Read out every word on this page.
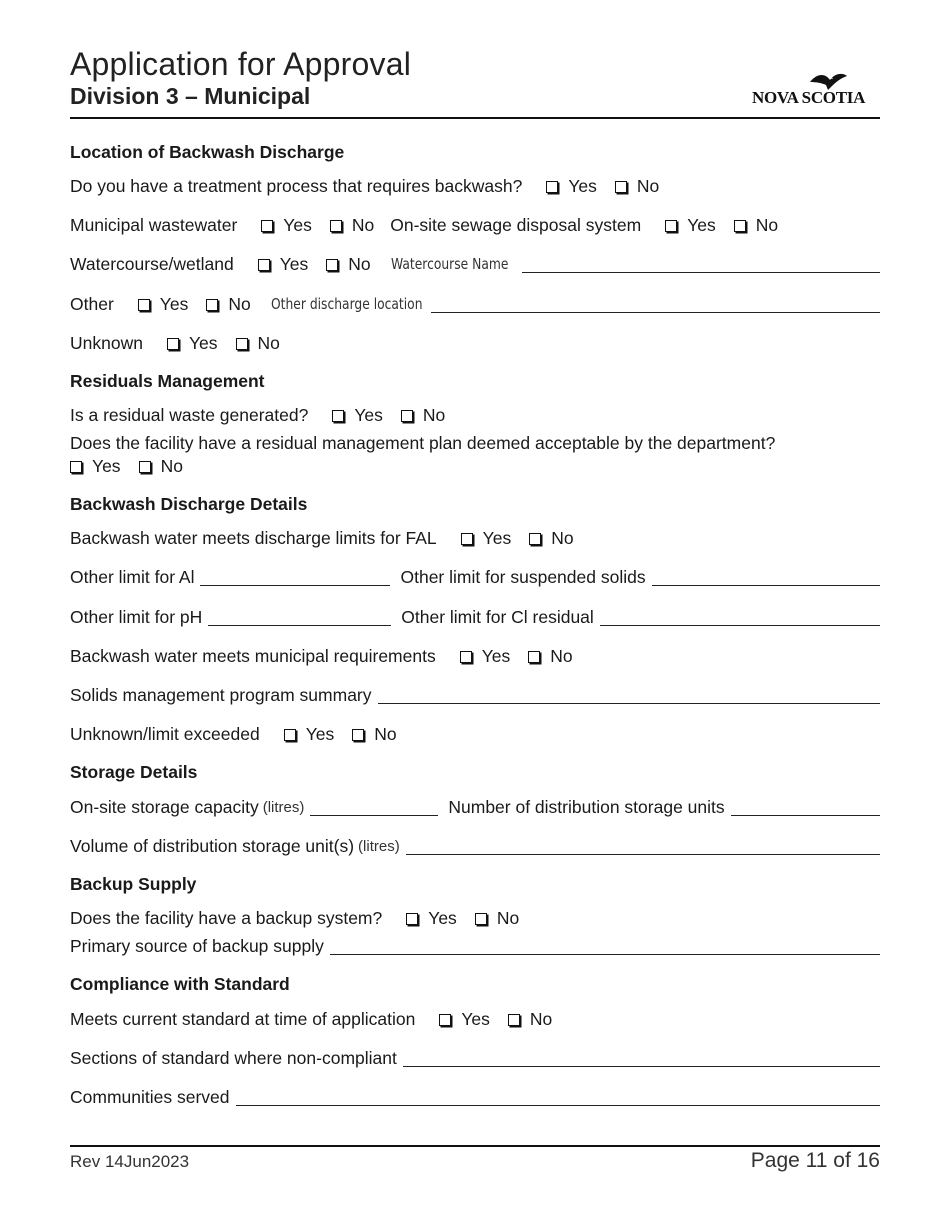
Application for Approval
Division 3 – Municipal	NOVA SCOTIA
Location of Backwash Discharge
Do you have a treatment process that requires backwash?	Yes No
Municipal wastewater	Yes No On-site sewage disposal system	Yes No
Watercourse/wetland	Yes No Watercourse Name
Other	Yes No Other discharge location
Unknown	Yes No
Residuals Management
Is a residual waste generated?	Yes No
Does the facility have a residual management plan deemed acceptable by the department?
Yes No
Backwash Discharge Details
Backwash water meets discharge limits for FAL	Yes No
Other limit for Al	Other limit for suspended solids
Other limit for pH	Other limit for Cl residual
Backwash water meets municipal requirements	Yes No
Solids management program summary
Unknown/limit exceeded	Yes No
Storage Details
On-site storage capacity (litres)	Number of distribution storage units
Volume of distribution storage unit(s) (litres)
Backup Supply
Does the facility have a backup system?	Yes No
Primary source of backup supply
Compliance with Standard
Meets current standard at time of application	Yes No
Sections of standard where non-compliant
Communities served
Rev 14Jun2023	Page 11 of 16
